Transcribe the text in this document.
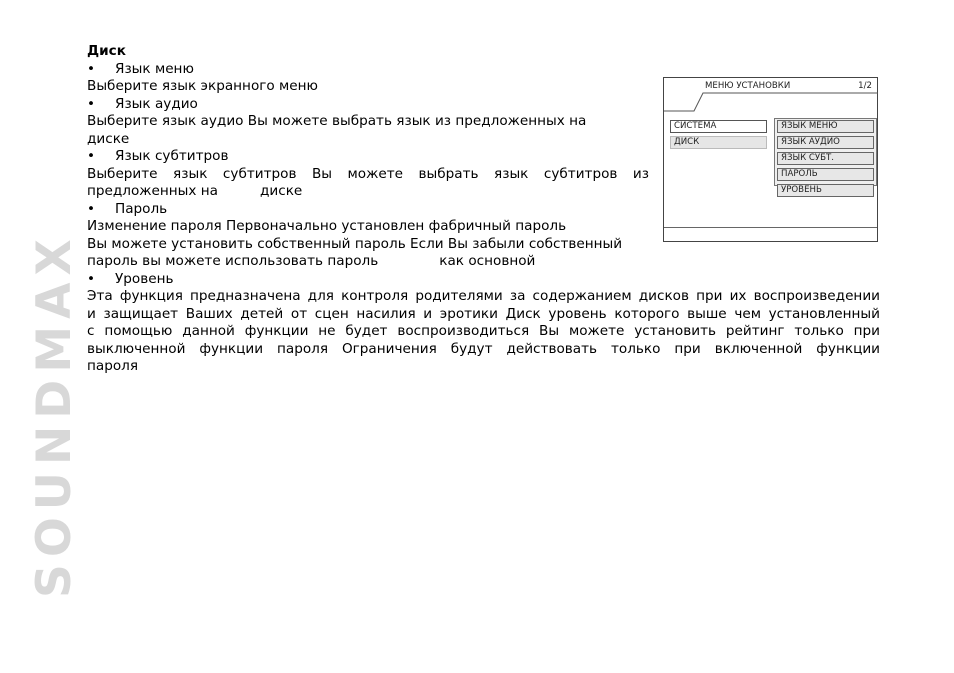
SOUNDMAX
Диск
•	Язык меню
Выберите язык экранного меню
•	Язык аудио
Выберите язык аудио Вы можете выбрать язык из предложенных на
диске
•	Язык субтитров
Выберите язык субтитров Вы можете выбрать язык субтитров из
предложенных на	диске
•	Пароль
Изменение пароля Первоначально установлен фабричный пароль
Вы можете установить собственный пароль Если Вы забыли собственный
пароль вы можете использовать пароль	как основной
•	Уровень
Эта функция предназначена для контроля родителями за содержанием дисков при их воспроизведении
и защищает Ваших детей от сцен насилия и эротики Диск уровень которого выше чем установленный
с помощью данной функции не будет воспроизводиться Вы можете установить рейтинг только при
выключенной функции пароля Ограничения будут действовать только при включенной функции
пароля
МЕНЮ УСТАНОВКИ	1/2
СИСТЕМА
ДИСК
ЯЗЫК МЕНЮ
ЯЗЫК АУДИО
ЯЗЫК СУБТ.
ПАРОЛЬ
УРОВЕНЬ
